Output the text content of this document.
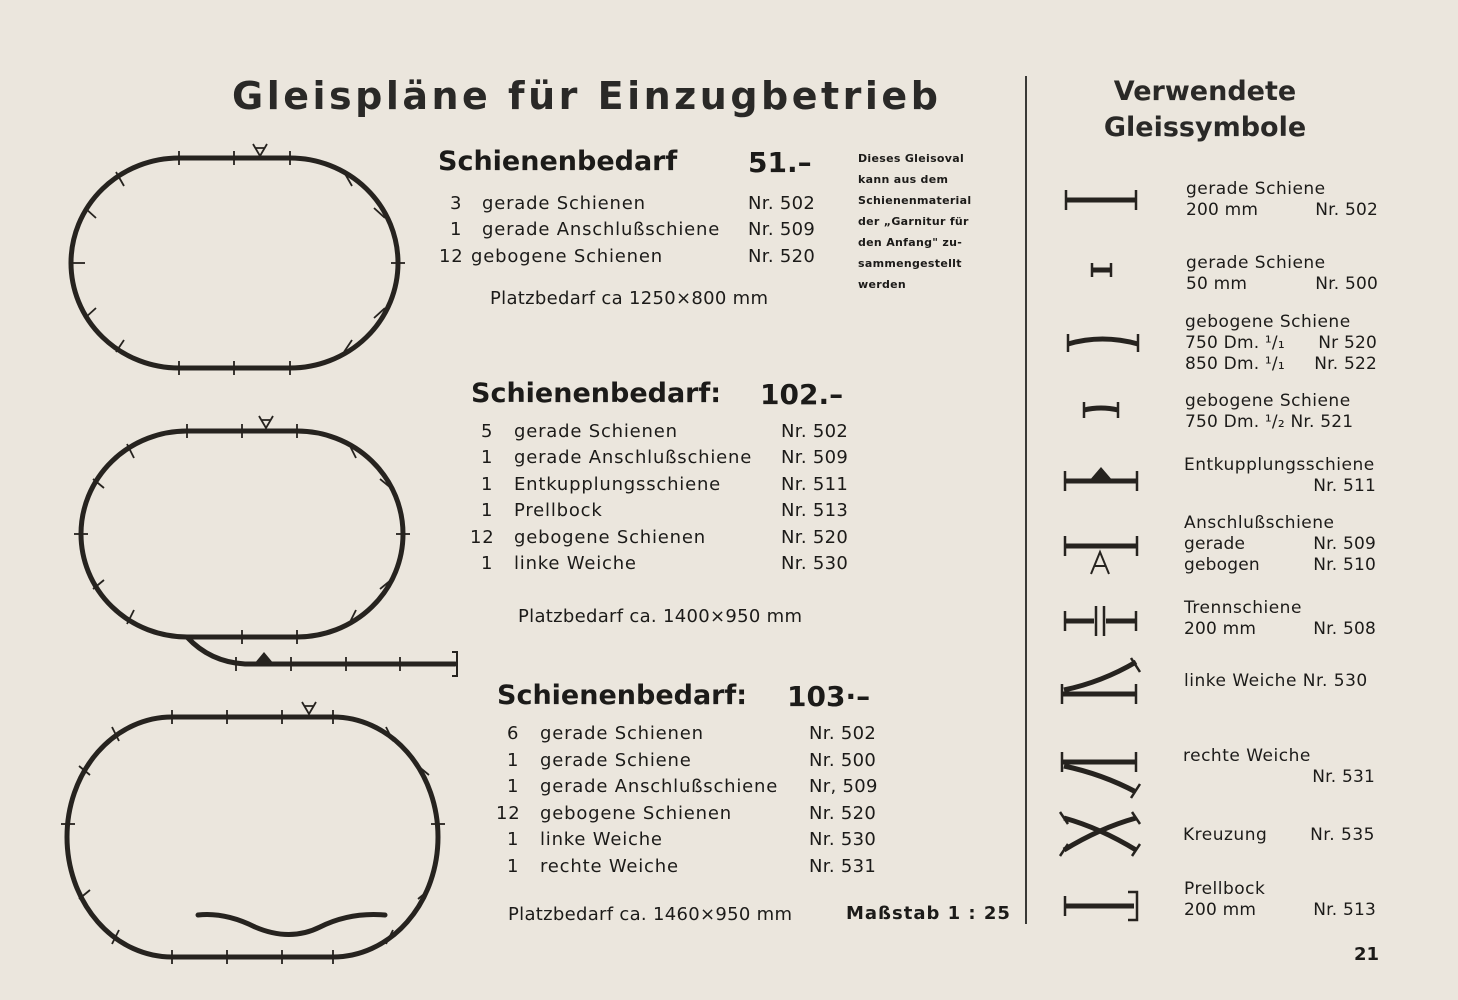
Gleispläne für Einzugbetrieb	Verwendete
Gleissymbole
Schienenbedarf	51.–
3 gerade Schienen	Nr. 502
1 gerade Anschlußschiene Nr. 509
12 gebogene Schienen	Nr. 520
Platzbedarf ca 1250×800 mm
Dieses Gleisoval
kann aus dem
Schienenmaterial
der „Garnitur für
den Anfang" zu-
sammengestellt
werden
Schienenbedarf: 102.–
5 gerade Schienen	Nr. 502
1 gerade Anschlußschiene Nr. 509
1 Entkupplungsschiene	Nr. 511
1 Prellbock	Nr. 513
12 gebogene Schienen	Nr. 520
1 linke Weiche	Nr. 530
Platzbedarf ca. 1400×950 mm
Schienenbedarf: 103·–
6 gerade Schienen	Nr. 502
1 gerade Schiene	Nr. 500
1 gerade Anschlußschiene Nr, 509
12 gebogene Schienen	Nr. 520
1 linke Weiche	Nr. 530
1 rechte Weiche	Nr. 531
Platzbedarf ca. 1460×950 mm	Maßstab 1 : 25
gerade Schiene
200 mm	Nr. 502
gerade Schiene
50 mm	Nr. 500
gebogene Schiene
750 Dm. ¹/₁ Nr 520
850 Dm. ¹/₁ Nr. 522
gebogene Schiene
750 Dm. ¹/₂ Nr. 521
Entkupplungsschiene
Nr. 511
Anschlußschiene
gerade	Nr. 509
gebogen	Nr. 510
Trennschiene
200 mm	Nr. 508
linke Weiche Nr. 530
rechte Weiche
Nr. 531
Kreuzung	Nr. 535
Prellbock
200 mm	Nr. 513
21
